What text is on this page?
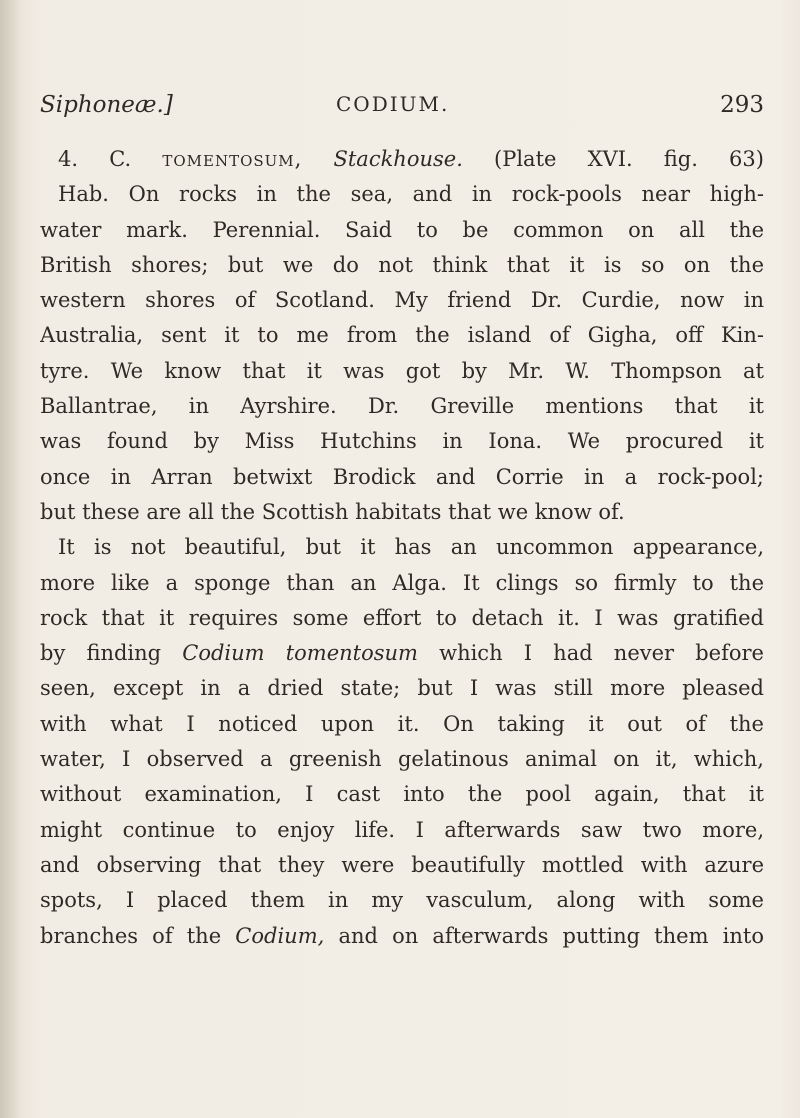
Siphoneæ.]	CODIUM.	293
4. C. tomentosum, Stackhouse. (Plate XVI. fig. 63)
Hab. On rocks in the sea, and in rock-pools near high-
water mark. Perennial. Said to be common on all the
British shores; but we do not think that it is so on the
western shores of Scotland. My friend Dr. Curdie, now in
Australia, sent it to me from the island of Gigha, off Kin-
tyre. We know that it was got by Mr. W. Thompson at
Ballantrae, in Ayrshire. Dr. Greville mentions that it
was found by Miss Hutchins in Iona. We procured it
once in Arran betwixt Brodick and Corrie in a rock-pool;
but these are all the Scottish habitats that we know of.
It is not beautiful, but it has an uncommon appearance,
more like a sponge than an Alga. It clings so firmly to the
rock that it requires some effort to detach it. I was gratified
by finding Codium tomentosum which I had never before
seen, except in a dried state; but I was still more pleased
with what I noticed upon it. On taking it out of the
water, I observed a greenish gelatinous animal on it, which,
without examination, I cast into the pool again, that it
might continue to enjoy life. I afterwards saw two more,
and observing that they were beautifully mottled with azure
spots, I placed them in my vasculum, along with some
branches of the Codium, and on afterwards putting them into
